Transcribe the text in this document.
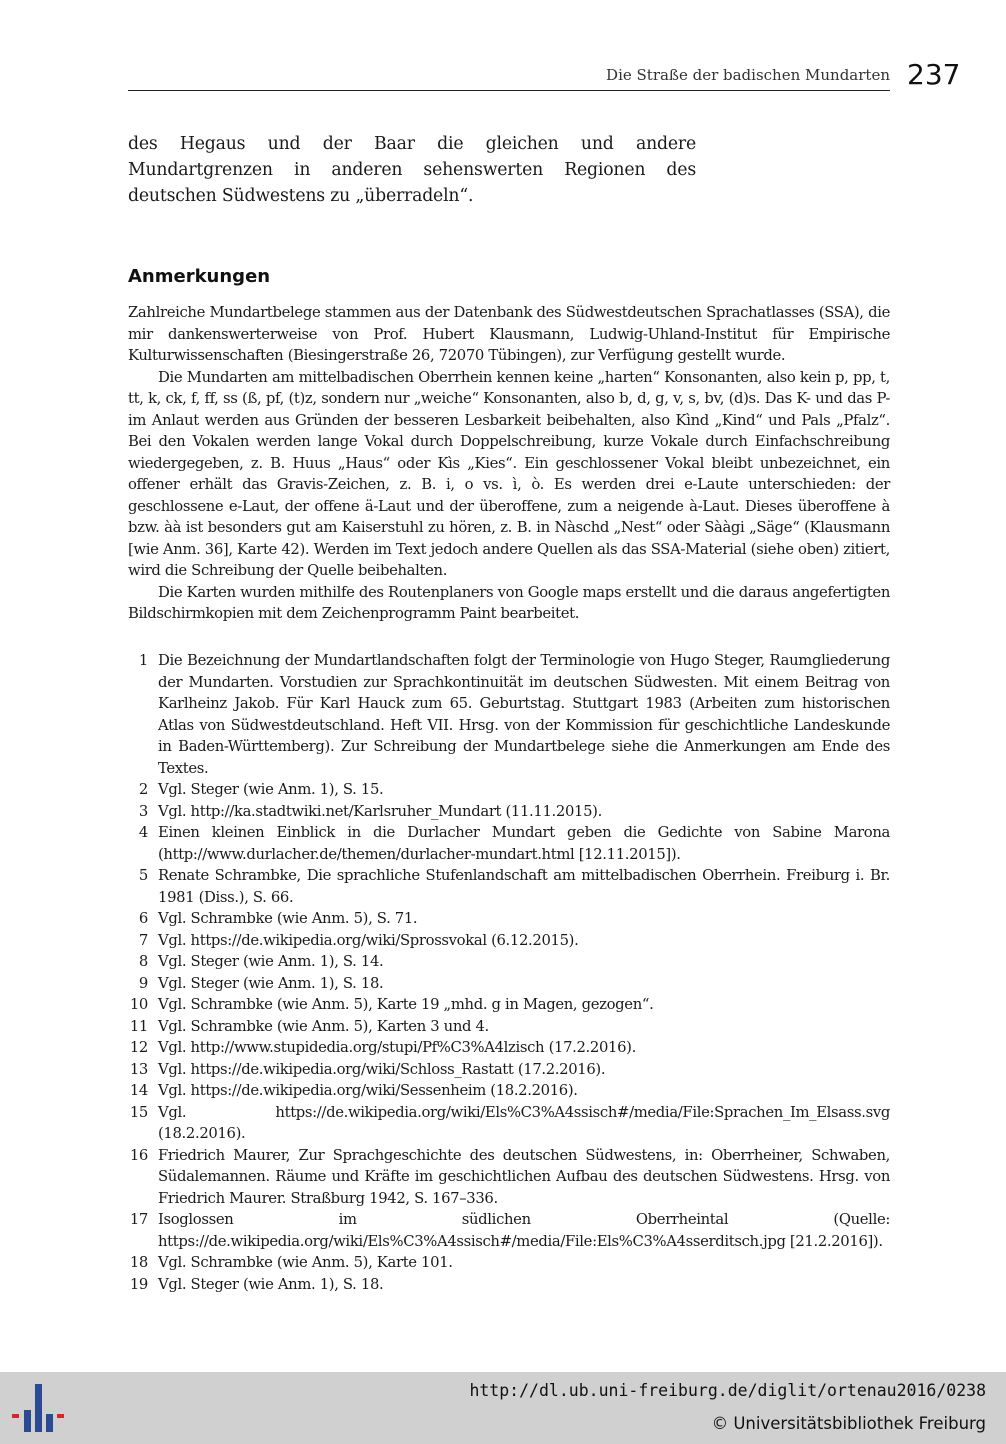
Die Straße der badischen Mundarten 237

des Hegaus und der Baar die gleichen und andere Mundartgrenzen in anderen sehenswerten Regionen des deutschen Südwestens zu „überradeln“.

Anmerkungen

Zahlreiche Mundartbelege stammen aus der Datenbank des Südwestdeutschen Sprachatlasses (SSA), die mir dankenswerterweise von Prof. Hubert Klausmann, Ludwig-Uhland-Institut für Empirische Kulturwissenschaften (Biesingerstraße 26, 72070 Tübingen), zur Verfügung gestellt wurde.

Die Mundarten am mittelbadischen Oberrhein kennen keine „harten“ Konsonanten, also kein p, pp, t, tt, k, ck, f, ff, ss (ß, pf, (t)z, sondern nur „weiche“ Konsonanten, also b, d, g, v, s, bv, (d)s. Das K- und das P- im Anlaut werden aus Gründen der besseren Lesbarkeit beibehalten, also Kìnd „Kind“ und Pals „Pfalz“. Bei den Vokalen werden lange Vokal durch Doppelschreibung, kurze Vokale durch Einfachschreibung wiedergegeben, z. B. Huus „Haus“ oder Kìs „Kies“. Ein geschlossener Vokal bleibt unbezeichnet, ein offener erhält das Gravis-Zeichen, z. B. i, o vs. ì, ò. Es werden drei e-Laute unterschieden: der geschlossene e-Laut, der offene ä-Laut und der überoffene, zum a neigende à-Laut. Dieses überoffene à bzw. àà ist besonders gut am Kaiserstuhl zu hören, z. B. in Nàschd „Nest“ oder Sààgi „Säge“ (Klausmann [wie Anm. 36], Karte 42). Werden im Text jedoch andere Quellen als das SSA-Material (siehe oben) zitiert, wird die Schreibung der Quelle beibehalten.

Die Karten wurden mithilfe des Routenplaners von Google maps erstellt und die daraus angefertigten Bildschirmkopien mit dem Zeichenprogramm Paint bearbeitet.

1 Die Bezeichnung der Mundartlandschaften folgt der Terminologie von Hugo Steger, Raumgliederung der Mundarten. Vorstudien zur Sprachkontinuität im deutschen Südwesten. Mit einem Beitrag von Karlheinz Jakob. Für Karl Hauck zum 65. Geburtstag. Stuttgart 1983 (Arbeiten zum historischen Atlas von Südwestdeutschland. Heft VII. Hrsg. von der Kommission für geschichtliche Landeskunde in Baden-Württemberg). Zur Schreibung der Mundartbelege siehe die Anmerkungen am Ende des Textes.
2 Vgl. Steger (wie Anm. 1), S. 15.
3 Vgl. http://ka.stadtwiki.net/Karlsruher_Mundart (11.11.2015).
4 Einen kleinen Einblick in die Durlacher Mundart geben die Gedichte von Sabine Marona (http://www.durlacher.de/themen/durlacher-mundart.html [12.11.2015]).
5 Renate Schrambke, Die sprachliche Stufenlandschaft am mittelbadischen Oberrhein. Freiburg i. Br. 1981 (Diss.), S. 66.
6 Vgl. Schrambke (wie Anm. 5), S. 71.
7 Vgl. https://de.wikipedia.org/wiki/Sprossvokal (6.12.2015).
8 Vgl. Steger (wie Anm. 1), S. 14.
9 Vgl. Steger (wie Anm. 1), S. 18.
10 Vgl. Schrambke (wie Anm. 5), Karte 19 „mhd. g in Magen, gezogen“.
11 Vgl. Schrambke (wie Anm. 5), Karten 3 und 4.
12 Vgl. http://www.stupidedia.org/stupi/Pf%C3%A4lzisch (17.2.2016).
13 Vgl. https://de.wikipedia.org/wiki/Schloss_Rastatt (17.2.2016).
14 Vgl. https://de.wikipedia.org/wiki/Sessenheim (18.2.2016).
15 Vgl. https://de.wikipedia.org/wiki/Els%C3%A4ssisch#/media/File:Sprachen_Im_Elsass.svg (18.2.2016).
16 Friedrich Maurer, Zur Sprachgeschichte des deutschen Südwestens, in: Oberrheiner, Schwaben, Südalemannen. Räume und Kräfte im geschichtlichen Aufbau des deutschen Südwestens. Hrsg. von Friedrich Maurer. Straßburg 1942, S. 167–336.
17 Isoglossen im südlichen Oberrheintal (Quelle: https://de.wikipedia.org/wiki/Els%C3%A4ssisch#/media/File:Els%C3%A4sserditsch.jpg [21.2.2016]).
18 Vgl. Schrambke (wie Anm. 5), Karte 101.
19 Vgl. Steger (wie Anm. 1), S. 18.
http://dl.ub.uni-freiburg.de/diglit/ortenau2016/0238
© Universitätsbibliothek Freiburg
